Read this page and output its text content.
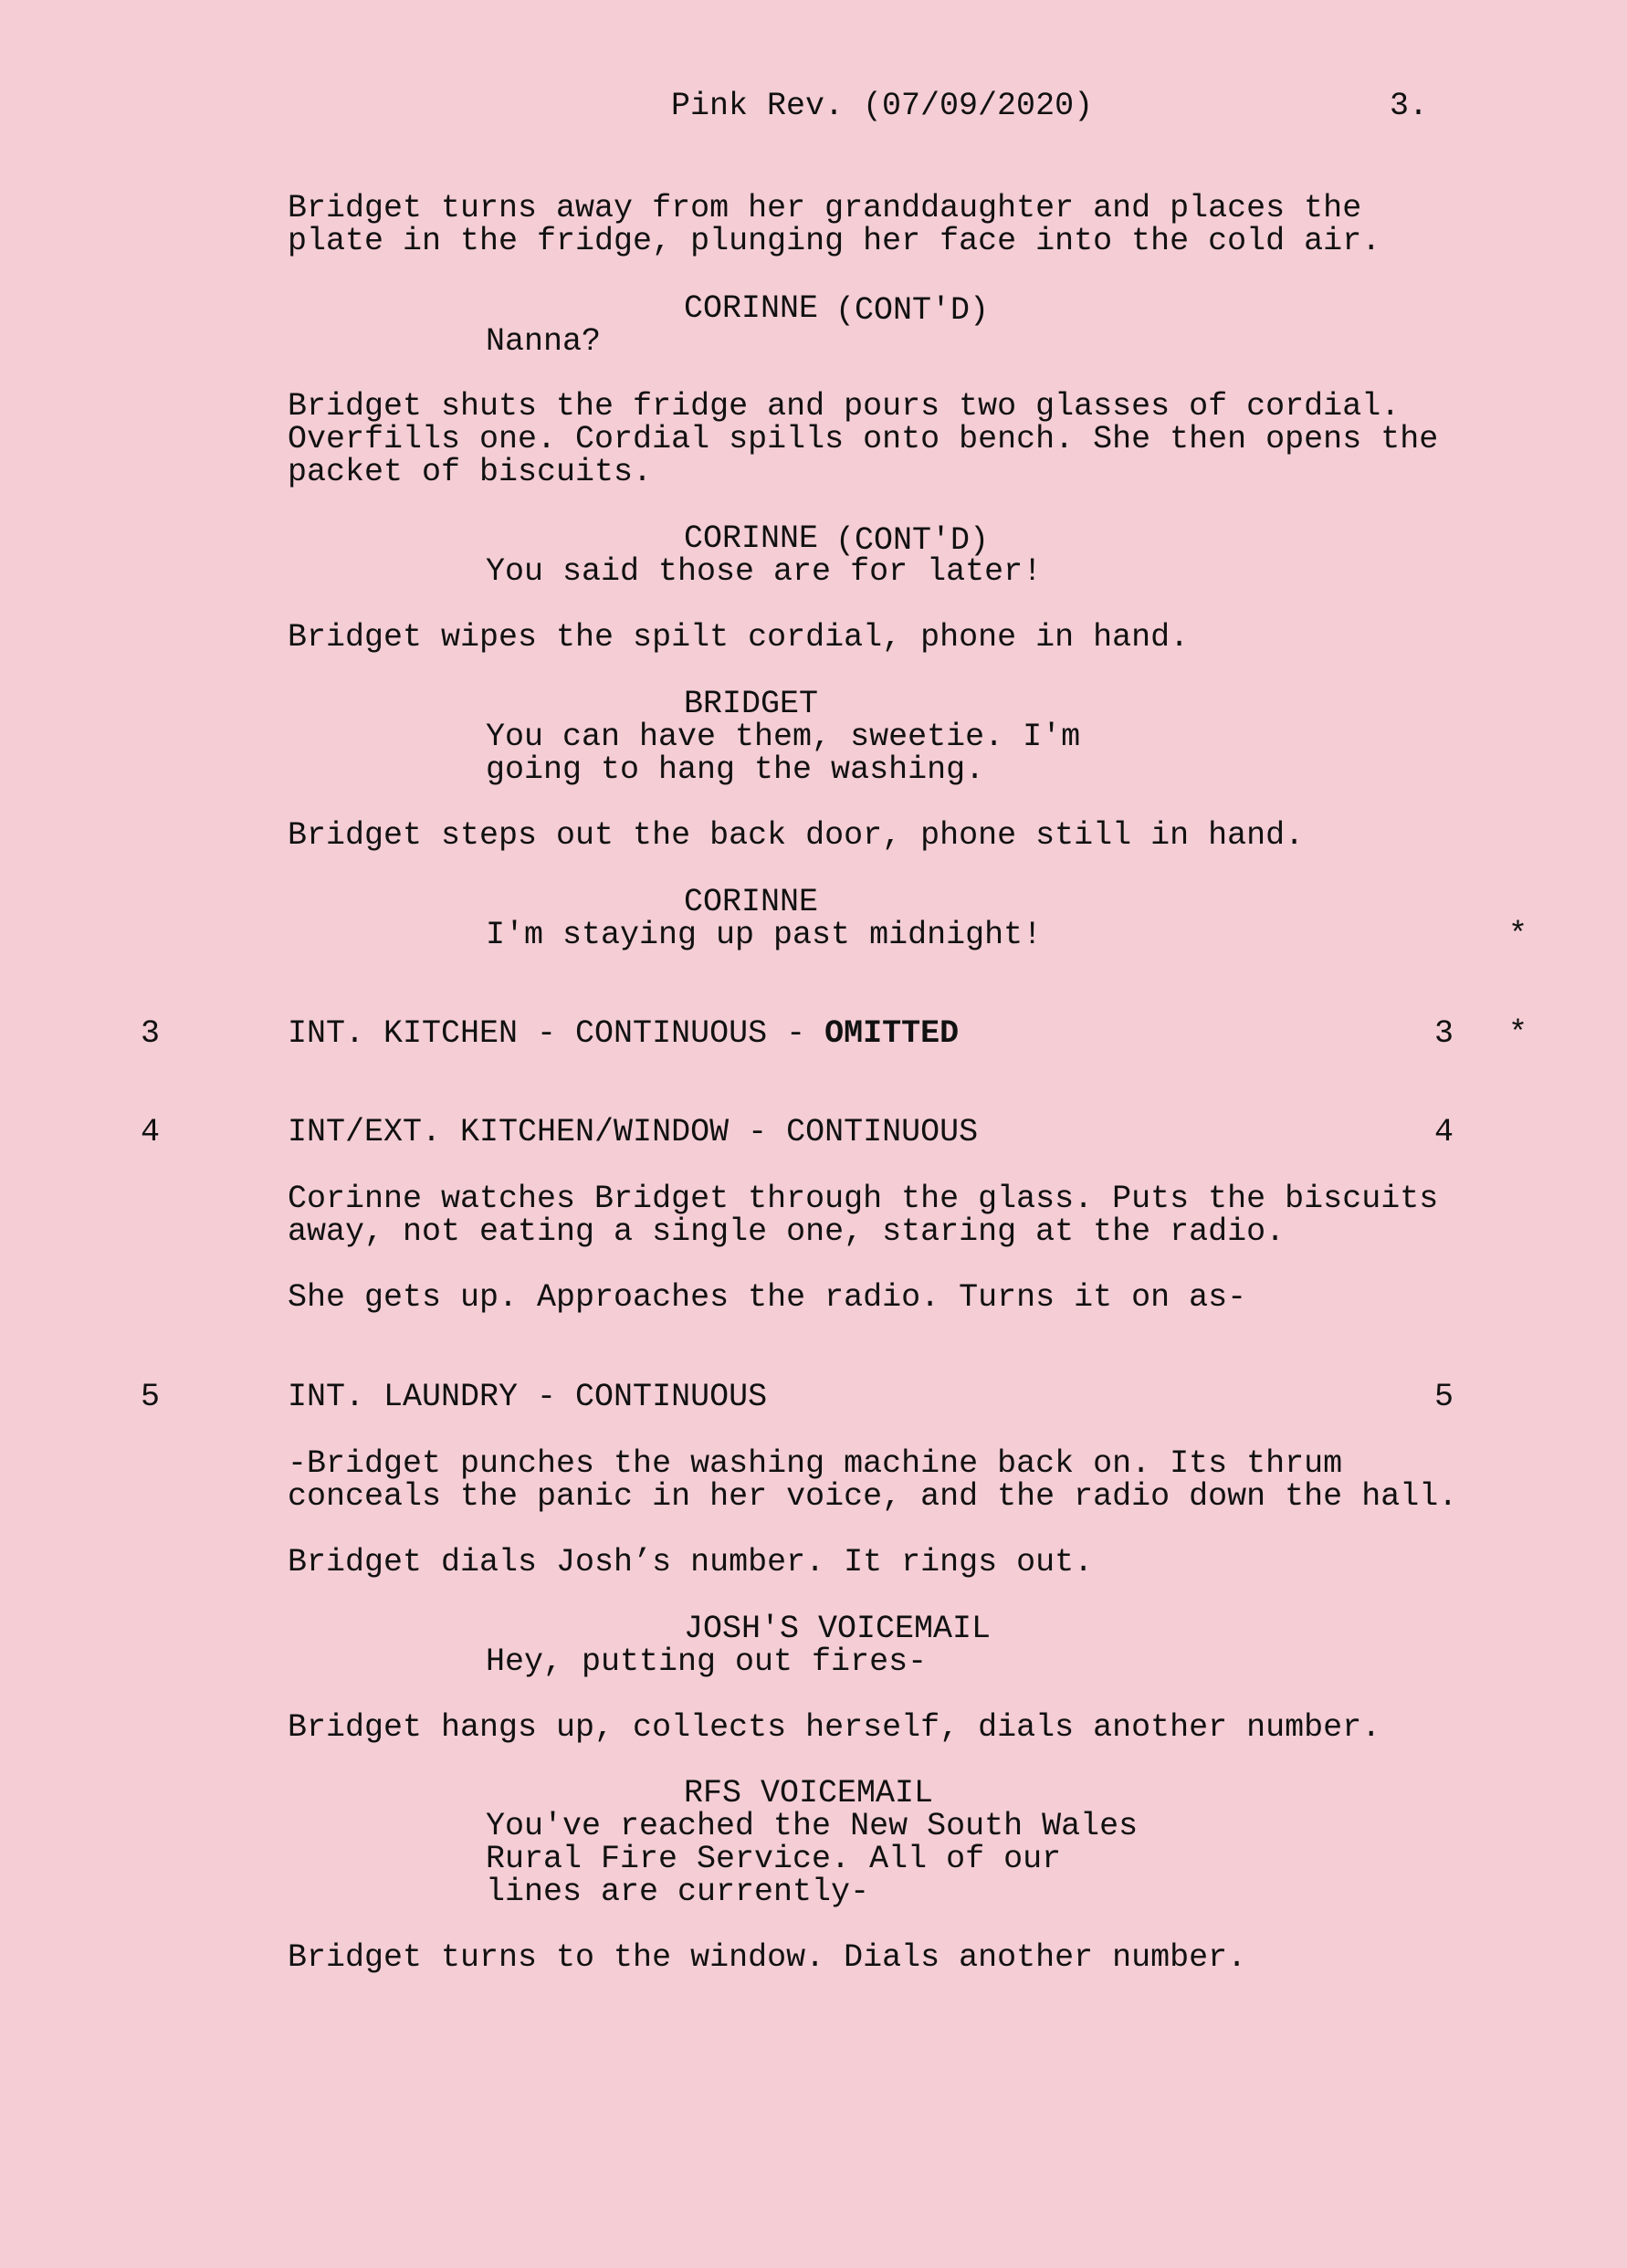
Pink Rev. (07/09/2020)	3.
Bridget turns away from her granddaughter and places the
plate in the fridge, plunging her face into the cold air.
CORINNE (CONT'D)
Nanna?
Bridget shuts the fridge and pours two glasses of cordial.
Overfills one. Cordial spills onto bench. She then opens the
packet of biscuits.
CORINNE (CONT'D)
You said those are for later!
Bridget wipes the spilt cordial, phone in hand.
BRIDGET
You can have them, sweetie. I'm
going to hang the washing.
Bridget steps out the back door, phone still in hand.
CORINNE
I'm staying up past midnight!	*
3	INT. KITCHEN - CONTINUOUS - OMITTED	3 *
4	INT/EXT. KITCHEN/WINDOW - CONTINUOUS	4
Corinne watches Bridget through the glass. Puts the biscuits
away, not eating a single one, staring at the radio.
She gets up. Approaches the radio. Turns it on as-
5	INT. LAUNDRY - CONTINUOUS	5
-Bridget punches the washing machine back on. Its thrum
conceals the panic in her voice, and the radio down the hall.
Bridget dials Josh’s number. It rings out.
JOSH'S VOICEMAIL
Hey, putting out fires-
Bridget hangs up, collects herself, dials another number.
RFS VOICEMAIL
You've reached the New South Wales
Rural Fire Service. All of our
lines are currently-
Bridget turns to the window. Dials another number.
